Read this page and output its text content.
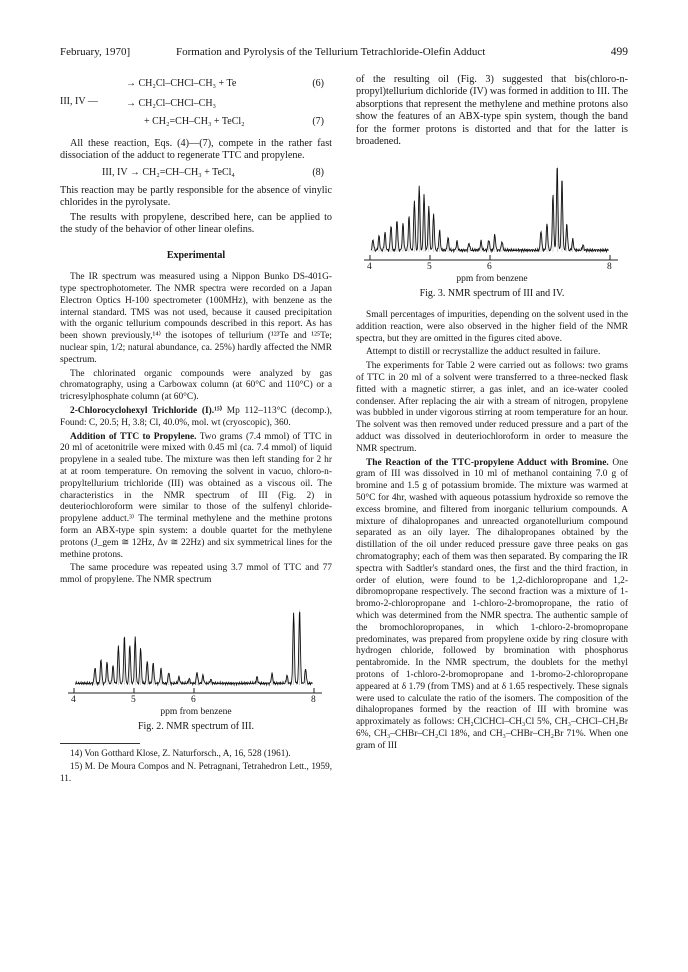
February, 1970]	Formation and Pyrolysis of the Tellurium Tetrachloride-Olefin Adduct	499
III, IV —
→ CH₂Cl–CHCl–CH₃ + Te	(6)
→ CH₂Cl–CHCl–CH₃
+ CH₂=CH–CH₃ + TeCl₂	(7)

All these reaction, Eqs. (4)—(7), compete in the rather fast dissociation of the adduct to regenerate TTC and propylene.

III, IV → CH₂=CH–CH₃ + TeCl₄	(8)

This reaction may be partly responsible for the absence of vinylic chlorides in the pyrolysate.

The results with propylene, described here, can be applied to the study of the behavior of other linear olefins.

Experimental

The IR spectrum was measured using a Nippon Bunko DS-401G-type spectrophotometer. The NMR spectra were recorded on a Japan Electron Optics H-100 spectrometer (100MHz), with benzene as the internal standard. TMS was not used, because it caused precipitation with the organic tellurium compounds described in this report. As has been shown previously,¹⁴⁾ the isotopes of tellurium (¹²³Te and ¹²⁵Te; nuclear spin, 1/2; natural abundance, ca. 25%) hardly affected the NMR spectrum.

The chlorinated organic compounds were analyzed by gas chromatography, using a Carbowax column (at 60°C and 110°C) or a tricresylphosphate column (at 60°C).

2-Chlorocyclohexyl Trichloride (I).¹⁵⁾ Mp 112–113°C (decomp.), Found: C, 20.5; H, 3.8; Cl, 40.0%, mol. wt (cryoscopic), 360.

Addition of TTC to Propylene. Two grams (7.4 mmol) of TTC in 20 ml of acetonitrile were mixed with 0.45 ml (ca. 7.4 mmol) of liquid propylene in a sealed tube. The mixture was then left standing for 2 hr at at room temperature. On removing the solvent in vacuo, chloro-n-propyltellurium trichloride (III) was obtained as a viscous oil. The characteristics in the NMR spectrum of III (Fig. 2) in deuteriochloroform were similar to those of the sulfenyl chloride-propylene adduct.³⁾ The terminal methylene and the methine protons form an ABX-type spin system: a double quartet for the methylene protons (J_gem ≅ 12Hz, Δν ≅ 22Hz) and six symmetrical lines for the methine protons.

The same procedure was repeated using 3.7 mmol of TTC and 77 mmol of propylene. The NMR spectrum

4	5	6	8
ppm from benzene
Fig. 2. NMR spectrum of III.

14) Von Gotthard Klose, Z. Naturforsch., A, 16, 528 (1961).

15) M. De Moura Compos and N. Petragnani, Tetrahedron Lett., 1959, 11.

of the resulting oil (Fig. 3) suggested that bis(chloro-n-propyl)tellurium dichloride (IV) was formed in addition to III. The absorptions that represent the methylene and methine protons also show the features of an ABX-type spin system, though the band for the former protons is distorted and that for the latter is broadened.

4	5	6	8
ppm from benzene
Fig. 3. NMR spectrum of III and IV.

Small percentages of impurities, depending on the solvent used in the addition reaction, were also observed in the higher field of the NMR spectra, but they are omitted in the figures cited above.

Attempt to distill or recrystallize the adduct resulted in failure.

The experiments for Table 2 were carried out as follows: two grams of TTC in 20 ml of a solvent were transferred to a three-necked flask fitted with a magnetic stirrer, a gas inlet, and an ice-water cooled condenser. After replacing the air with a stream of nitrogen, propylene was bubbled in under vigorous stirring at room temperature for an hour. The solvent was then removed under reduced pressure and a part of the adduct was dissolved in deuteriochloroform in order to measure the NMR spectrum.

The Reaction of the TTC-propylene Adduct with Bromine. One gram of III was dissolved in 10 ml of methanol containing 7.0 g of bromine and 1.5 g of potassium bromide. The mixture was warmed at 50°C for 4hr, washed with aqueous potassium hydroxide so remove the excess bromine, and filtered from inorganic tellurium compounds. A mixture of dihalopropanes and unreacted organotellurium compound separated as an oily layer. The dihalopropanes obtained by the distillation of the oil under reduced pressure gave three peaks on gas chromatography; each of them was then separated. By comparing the IR spectra with Sadtler's standard ones, the first and the third fraction, in order of elution, were found to be 1,2-dichloropropane and 1,2-dibromopropane respectively. The second fraction was a mixture of 1-bromo-2-chloropropane and 1-chloro-2-bromopropane, the ratio of which was determined from the NMR spectra. The authentic sample of the bromochloropropanes, in which 1-chloro-2-bromopropane predominates, was prepared from propylene oxide by ring closure with hydrogen chloride, followed by bromination with phosphorus pentabromide. In the NMR spectrum, the doublets for the methyl protons of 1-chloro-2-bromopropane and 1-bromo-2-chloropropane appeared at δ 1.79 (from TMS) and at δ 1.65 respectively. These signals were used to calculate the ratio of the isomers. The composition of the dihalopropanes formed by the reaction of III with bromine was approximately as follows: CH₂ClCHCl–CH₃Cl 5%, CH₃–CHCl–CH₂Br 6%, CH₃–CHBr–CH₂Cl 18%, and CH₃–CHBr–CH₂Br 71%. When one gram of III
